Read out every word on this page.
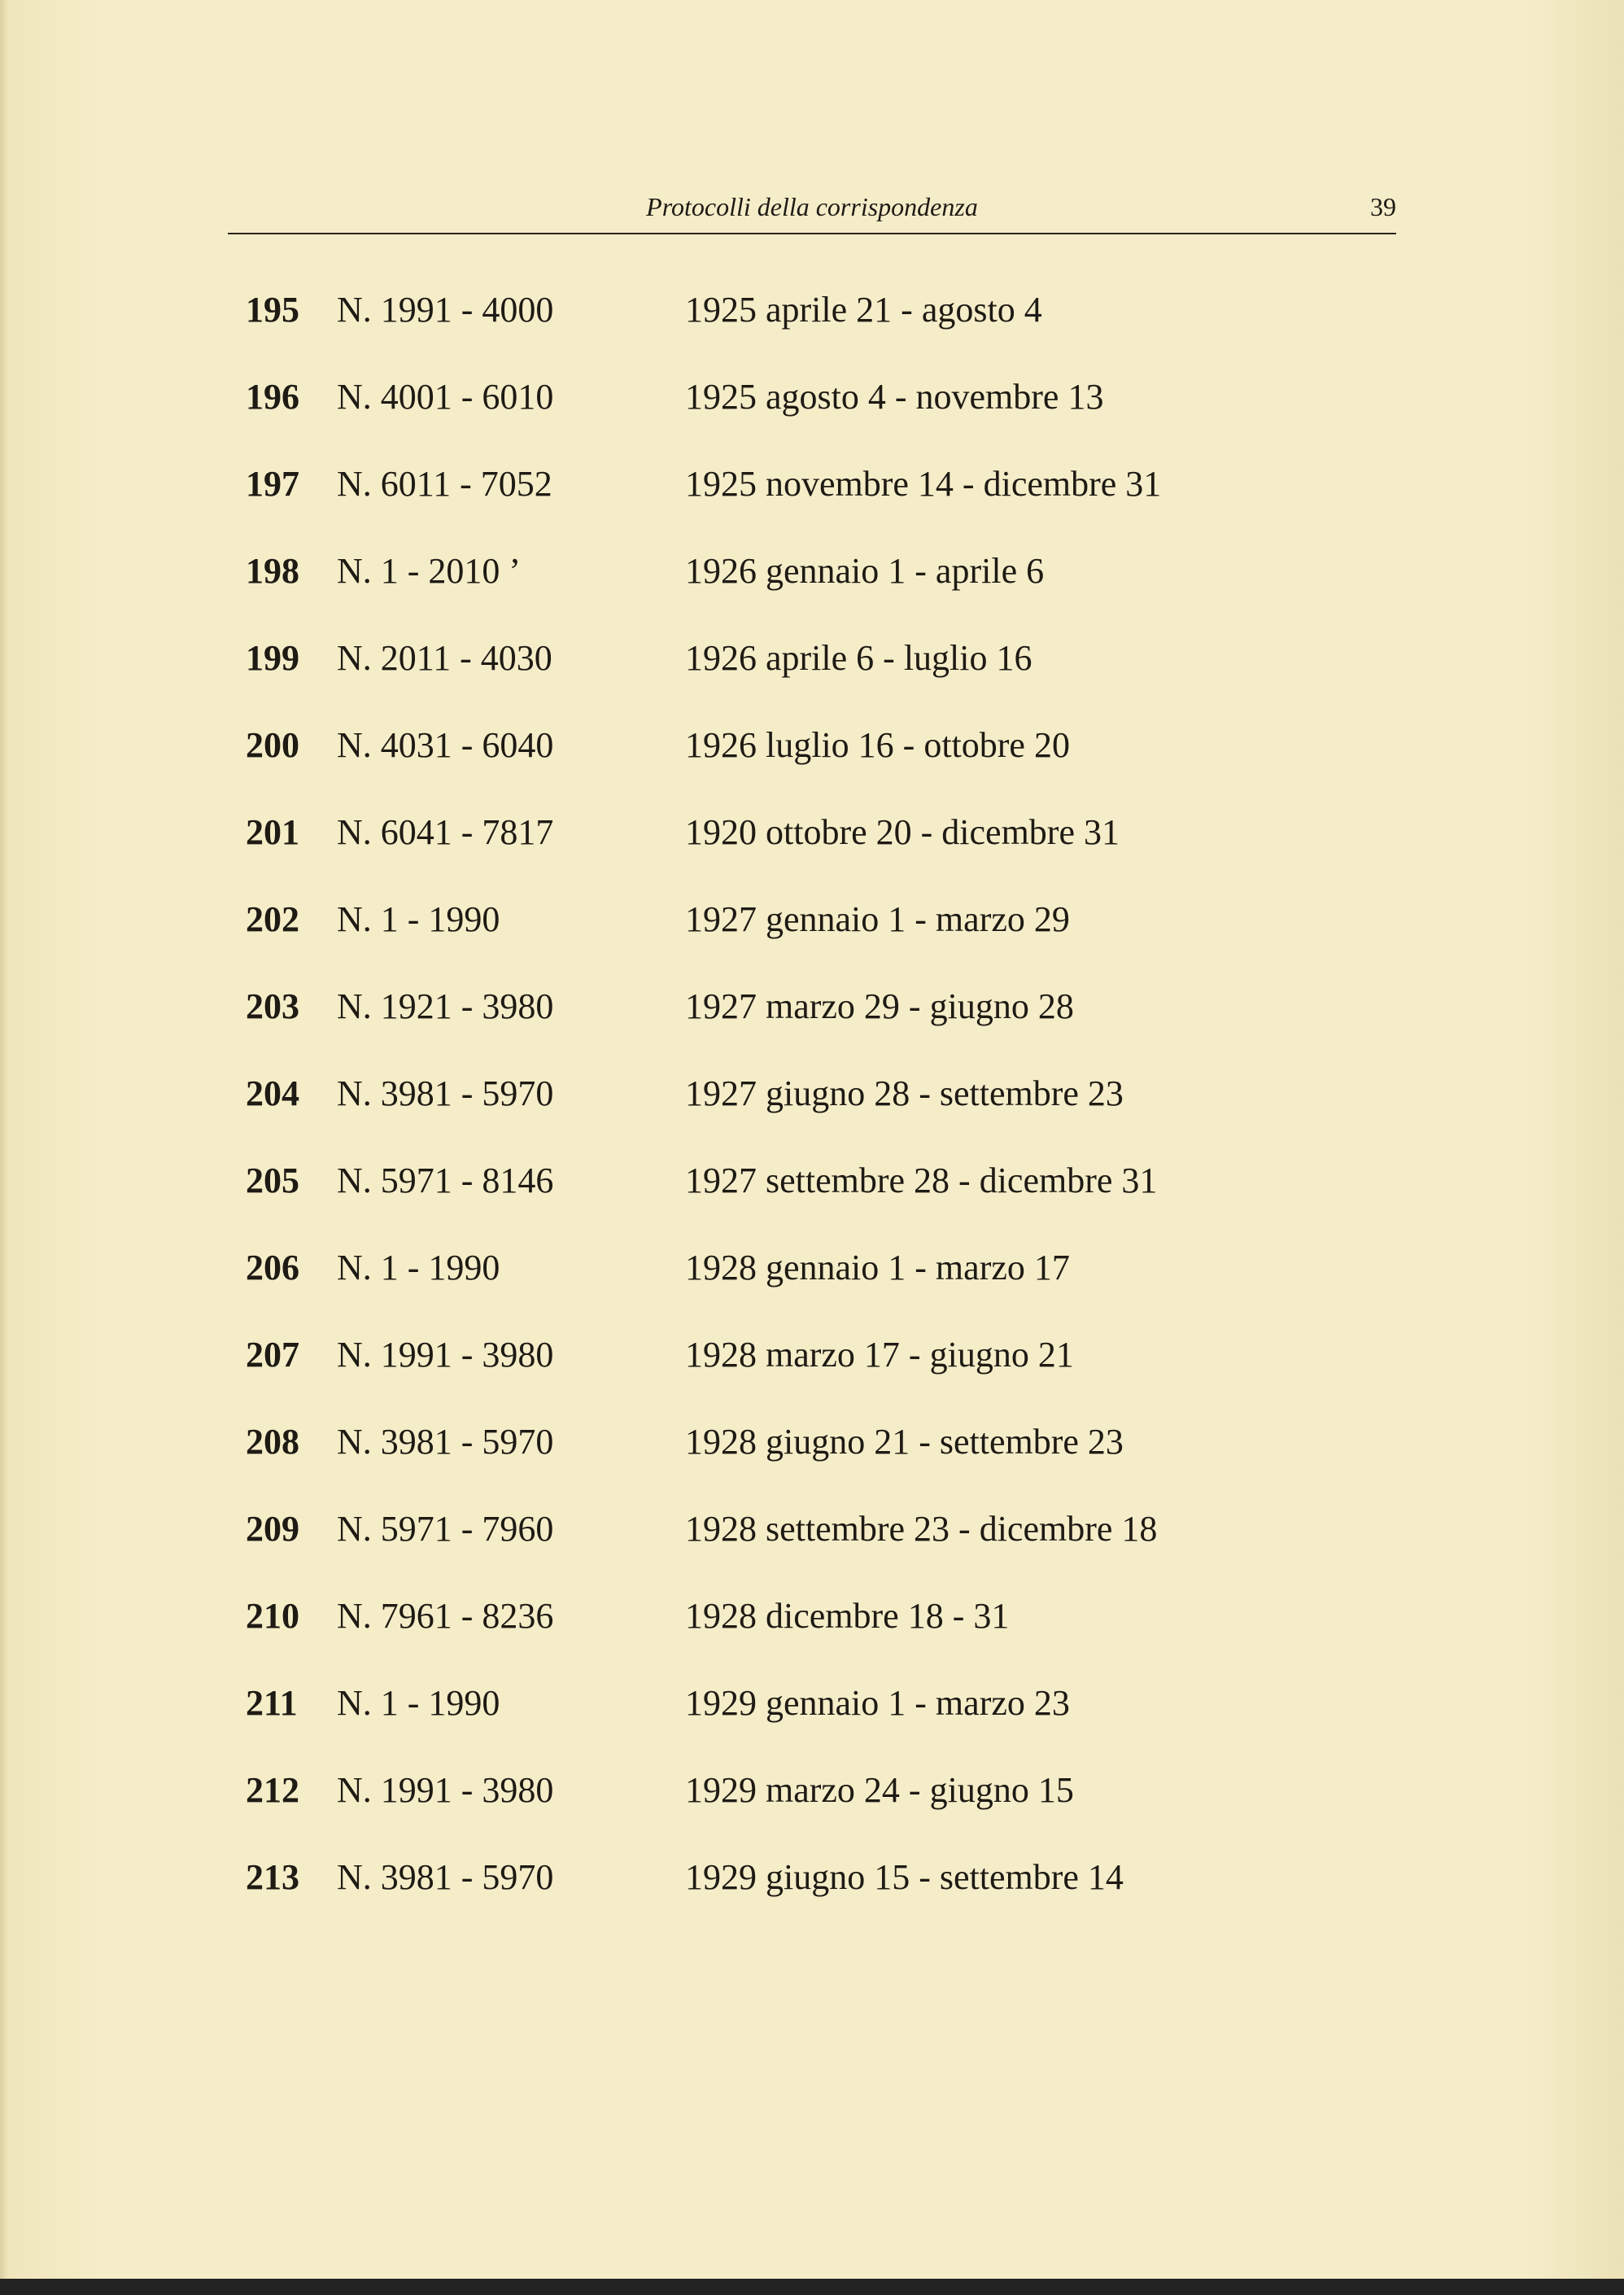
Protocolli della corrispondenza	39
195 N. 1991 - 4000	1925 aprile 21 - agosto 4
196 N. 4001 - 6010	1925 agosto 4 - novembre 13
197 N. 6011 - 7052	1925 novembre 14 - dicembre 31
198 N. 1 - 2010 ’	1926 gennaio 1 - aprile 6
199 N. 2011 - 4030	1926 aprile 6 - luglio 16
200 N. 4031 - 6040	1926 luglio 16 - ottobre 20
201 N. 6041 - 7817	1920 ottobre 20 - dicembre 31
202 N. 1 - 1990	1927 gennaio 1 - marzo 29
203 N. 1921 - 3980	1927 marzo 29 - giugno 28
204 N. 3981 - 5970	1927 giugno 28 - settembre 23
205 N. 5971 - 8146	1927 settembre 28 - dicembre 31
206 N. 1 - 1990	1928 gennaio 1 - marzo 17
207 N. 1991 - 3980	1928 marzo 17 - giugno 21
208 N. 3981 - 5970	1928 giugno 21 - settembre 23
209 N. 5971 - 7960	1928 settembre 23 - dicembre 18
210 N. 7961 - 8236	1928 dicembre 18 - 31
211 N. 1 - 1990	1929 gennaio 1 - marzo 23
212 N. 1991 - 3980	1929 marzo 24 - giugno 15
213 N. 3981 - 5970	1929 giugno 15 - settembre 14
